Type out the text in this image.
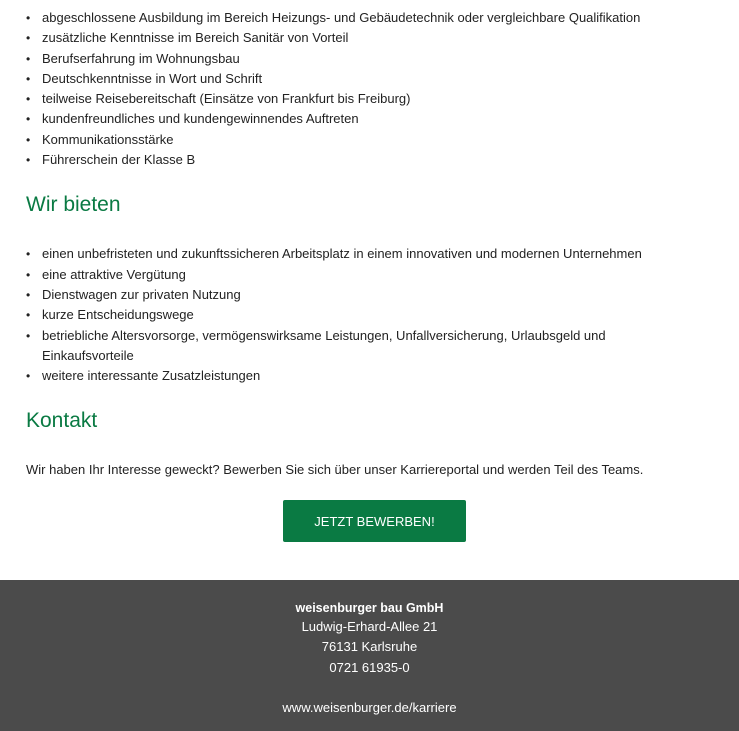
• abgeschlossene Ausbildung im Bereich Heizungs- und Gebäudetechnik oder vergleichbare Qualifikation
• zusätzliche Kenntnisse im Bereich Sanitär von Vorteil
• Berufserfahrung im Wohnungsbau
• Deutschkenntnisse in Wort und Schrift
• teilweise Reisebereitschaft (Einsätze von Frankfurt bis Freiburg)
• kundenfreundliches und kundengewinnendes Auftreten
• Kommunikationsstärke
• Führerschein der Klasse B
Wir bieten
• einen unbefristeten und zukunftssicheren Arbeitsplatz in einem innovativen und modernen Unternehmen
• eine attraktive Vergütung
• Dienstwagen zur privaten Nutzung
• kurze Entscheidungswege
• betriebliche Altersvorsorge, vermögenswirksame Leistungen, Unfallversicherung, Urlaubsgeld und Einkaufsvorteile
• weitere interessante Zusatzleistungen
Kontakt

Wir haben Ihr Interesse geweckt? Bewerben Sie sich über unser Karriereportal und werden Teil des Teams.

JETZT BEWERBEN!
weisenburger bau GmbH
Ludwig-Erhard-Allee 21
76131 Karlsruhe
0721 61935-0
www.weisenburger.de/karriere
